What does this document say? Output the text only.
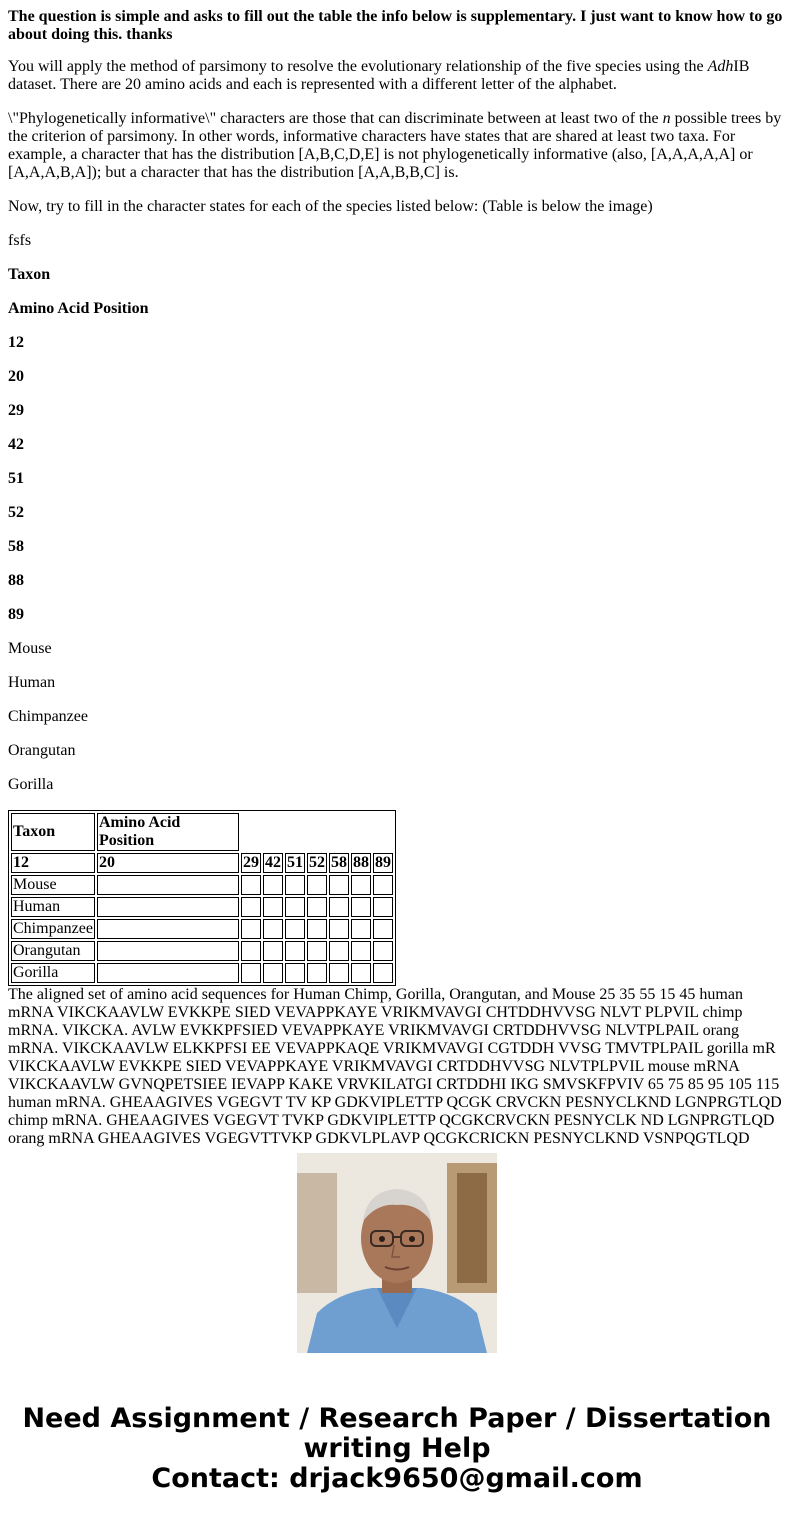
The question is simple and asks to fill out the table the info below is supplementary. I just want to know how to go about doing this. thanks

You will apply the method of parsimony to resolve the evolutionary relationship of the five species using the AdhIB dataset. There are 20 amino acids and each is represented with a different letter of the alphabet.

\"Phylogenetically informative\" characters are those that can discriminate between at least two of the n possible trees by the criterion of parsimony. In other words, informative characters have states that are shared at least two taxa. For example, a character that has the distribution [A,B,C,D,E] is not phylogenetically informative (also, [A,A,A,A,A] or [A,A,A,B,A]); but a character that has the distribution [A,A,B,B,C] is.

Now, try to fill in the character states for each of the species listed below: (Table is below the image)

fsfs

Taxon

Amino Acid Position

12

20

29

42

51

52

58

88

89

Mouse

Human

Chimpanzee

Orangutan

Gorilla

Taxon	Amino Acid Position							
12	20	29	42	51	52	58	88	89
Mouse								
Human								
Chimpanzee								
Orangutan								
Gorilla								

The aligned set of amino acid sequences for Human Chimp, Gorilla, Orangutan, and Mouse 25 35 55 15 45 human mRNA VIKCKAAVLW EVKKPE SIED VEVAPPKAYE VRIKMVAVGI CHTDDHVVSG NLVT PLPVIL chimp mRNA. VIKCKA. AVLW EVKKPFSIED VEVAPPKAYE VRIKMVAVGI CRTDDHVVSG NLVTPLPAIL orang mRNA. VIKCKAAVLW ELKKPFSI EE VEVAPPKAQE VRIKMVAVGI CGTDDH VVSG TMVTPLPAIL gorilla mR VIKCKAAVLW EVKKPE SIED VEVAPPKAYE VRIKMVAVGI CRTDDHVVSG NLVTPLPVIL mouse mRNA VIKCKAAVLW GVNQPETSIEE IEVAPP KAKE VRVKILATGI CRTDDHI IKG SMVSKFPVIV 65 75 85 95 105 115 human mRNA. GHEAAGIVES VGEGVT TV KP GDKVIPLETTP QCGK CRVCKN PESNYCLKND LGNPRGTLQD chimp mRNA. GHEAAGIVES VGEGVT TVKP GDKVIPLETTP QCGKCRVCKN PESNYCLK ND LGNPRGTLQD orang mRNA GHEAAGIVES VGEGVTTVKP GDKVLPLAVP QCGKCRICKN PESNYCLKND VSNPQGTLQD

Need Assignment / Research Paper / Dissertation
writing Help
Contact: drjack9650@gmail.com
